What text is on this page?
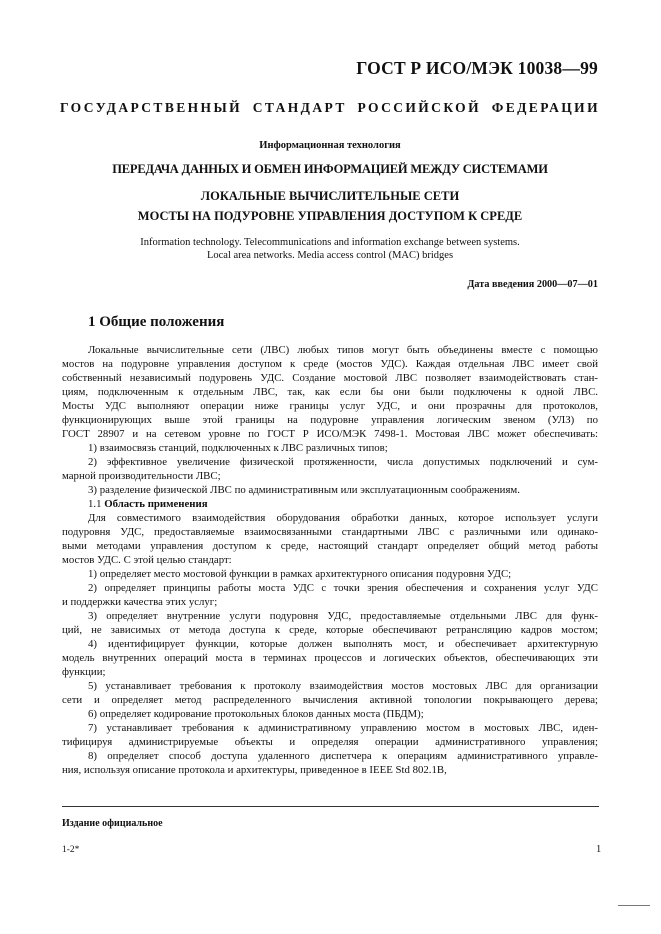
ГОСТ Р ИСО/МЭК 10038—99
ГОСУДАРСТВЕННЫЙ СТАНДАРТ РОССИЙСКОЙ ФЕДЕРАЦИИ
Информационная технология
ПЕРЕДАЧА ДАННЫХ И ОБМЕН ИНФОРМАЦИЕЙ МЕЖДУ СИСТЕМАМИ
ЛОКАЛЬНЫЕ ВЫЧИСЛИТЕЛЬНЫЕ СЕТИ
МОСТЫ НА ПОДУРОВНЕ УПРАВЛЕНИЯ ДОСТУПОМ К СРЕДЕ
Information technology. Telecommunications and information exchange between systems.
Local area networks. Media access control (MAC) bridges
Дата введения 2000—07—01
1 Общие положения
Локальные вычислительные сети (ЛВС) любых типов могут быть объединены вместе с помощью
мостов на подуровне управления доступом к среде (мостов УДС). Каждая отдельная ЛВС имеет свой
собственный независимый подуровень УДС. Создание мостовой ЛВС позволяет взаимодействовать стан-
циям, подключенным к отдельным ЛВС, так, как если бы они были подключены к одной ЛВС.
Мосты УДС выполняют операции ниже границы услуг УДС, и они прозрачны для протоколов,
функционирующих выше этой границы на подуровне управления логическим звеном (УЛЗ) по
ГОСТ 28907 и на сетевом уровне по ГОСТ Р ИСО/МЭК 7498-1. Мостовая ЛВС может обеспечивать:
1) взаимосвязь станций, подключенных к ЛВС различных типов;
2) эффективное увеличение физической протяженности, числа допустимых подключений и сум-
марной производительности ЛВС;
3) разделение физической ЛВС по административным или эксплуатационным соображениям.
1.1 Область применения
Для совместимого взаимодействия оборудования обработки данных, которое использует услуги
подуровня УДС, предоставляемые взаимосвязанными стандартными ЛВС с различными или одинако-
выми методами управления доступом к среде, настоящий стандарт определяет общий метод работы
мостов УДС. С этой целью стандарт:
1) определяет место мостовой функции в рамках архитектурного описания подуровня УДС;
2) определяет принципы работы моста УДС с точки зрения обеспечения и сохранения услуг УДС
и поддержки качества этих услуг;
3) определяет внутренние услуги подуровня УДС, предоставляемые отдельными ЛВС для функ-
ций, не зависимых от метода доступа к среде, которые обеспечивают ретрансляцию кадров мостом;
4) идентифицирует функции, которые должен выполнять мост, и обеспечивает архитектурную
модель внутренних операций моста в терминах процессов и логических объектов, обеспечивающих эти
функции;
5) устанавливает требования к протоколу взаимодействия мостов мостовых ЛВС для организации
сети и определяет метод распределенного вычисления активной топологии покрывающего дерева;
6) определяет кодирование протокольных блоков данных моста (ПБДМ);
7) устанавливает требования к административному управлению мостом в мостовых ЛВС, иден-
тифицируя администрируемые объекты и определяя операции административного управления;
8) определяет способ доступа удаленного диспетчера к операциям административного управле-
ния, используя описание протокола и архитектуры, приведенное в IEEE Std 802.1B,
Издание официальное
1-2*	1
